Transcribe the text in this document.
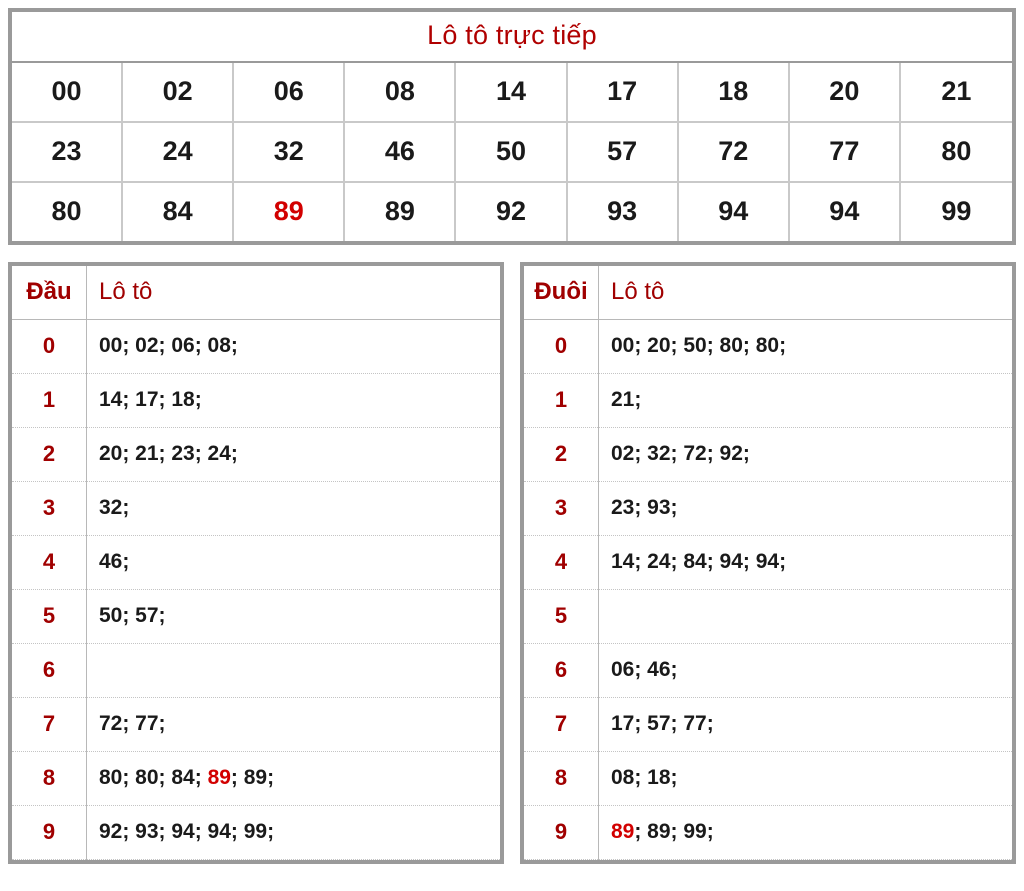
Lô tô trực tiếp
00	02	06	08	14	17	18	20	21
23	24	32	46	50	57	72	77	80
80	84	89	89	92	93	94	94	99
Đầu	Lô tô
0	00; 02; 06; 08;
1	14; 17; 18;
2	20; 21; 23; 24;
3	32;
4	46;
5	50; 57;
6	
7	72; 77;
8	80; 80; 84; 89; 89;
9	92; 93; 94; 94; 99;
Đuôi	Lô tô
0	00; 20; 50; 80; 80;
1	21;
2	02; 32; 72; 92;
3	23; 93;
4	14; 24; 84; 94; 94;
5	
6	06; 46;
7	17; 57; 77;
8	08; 18;
9	89; 89; 99;
